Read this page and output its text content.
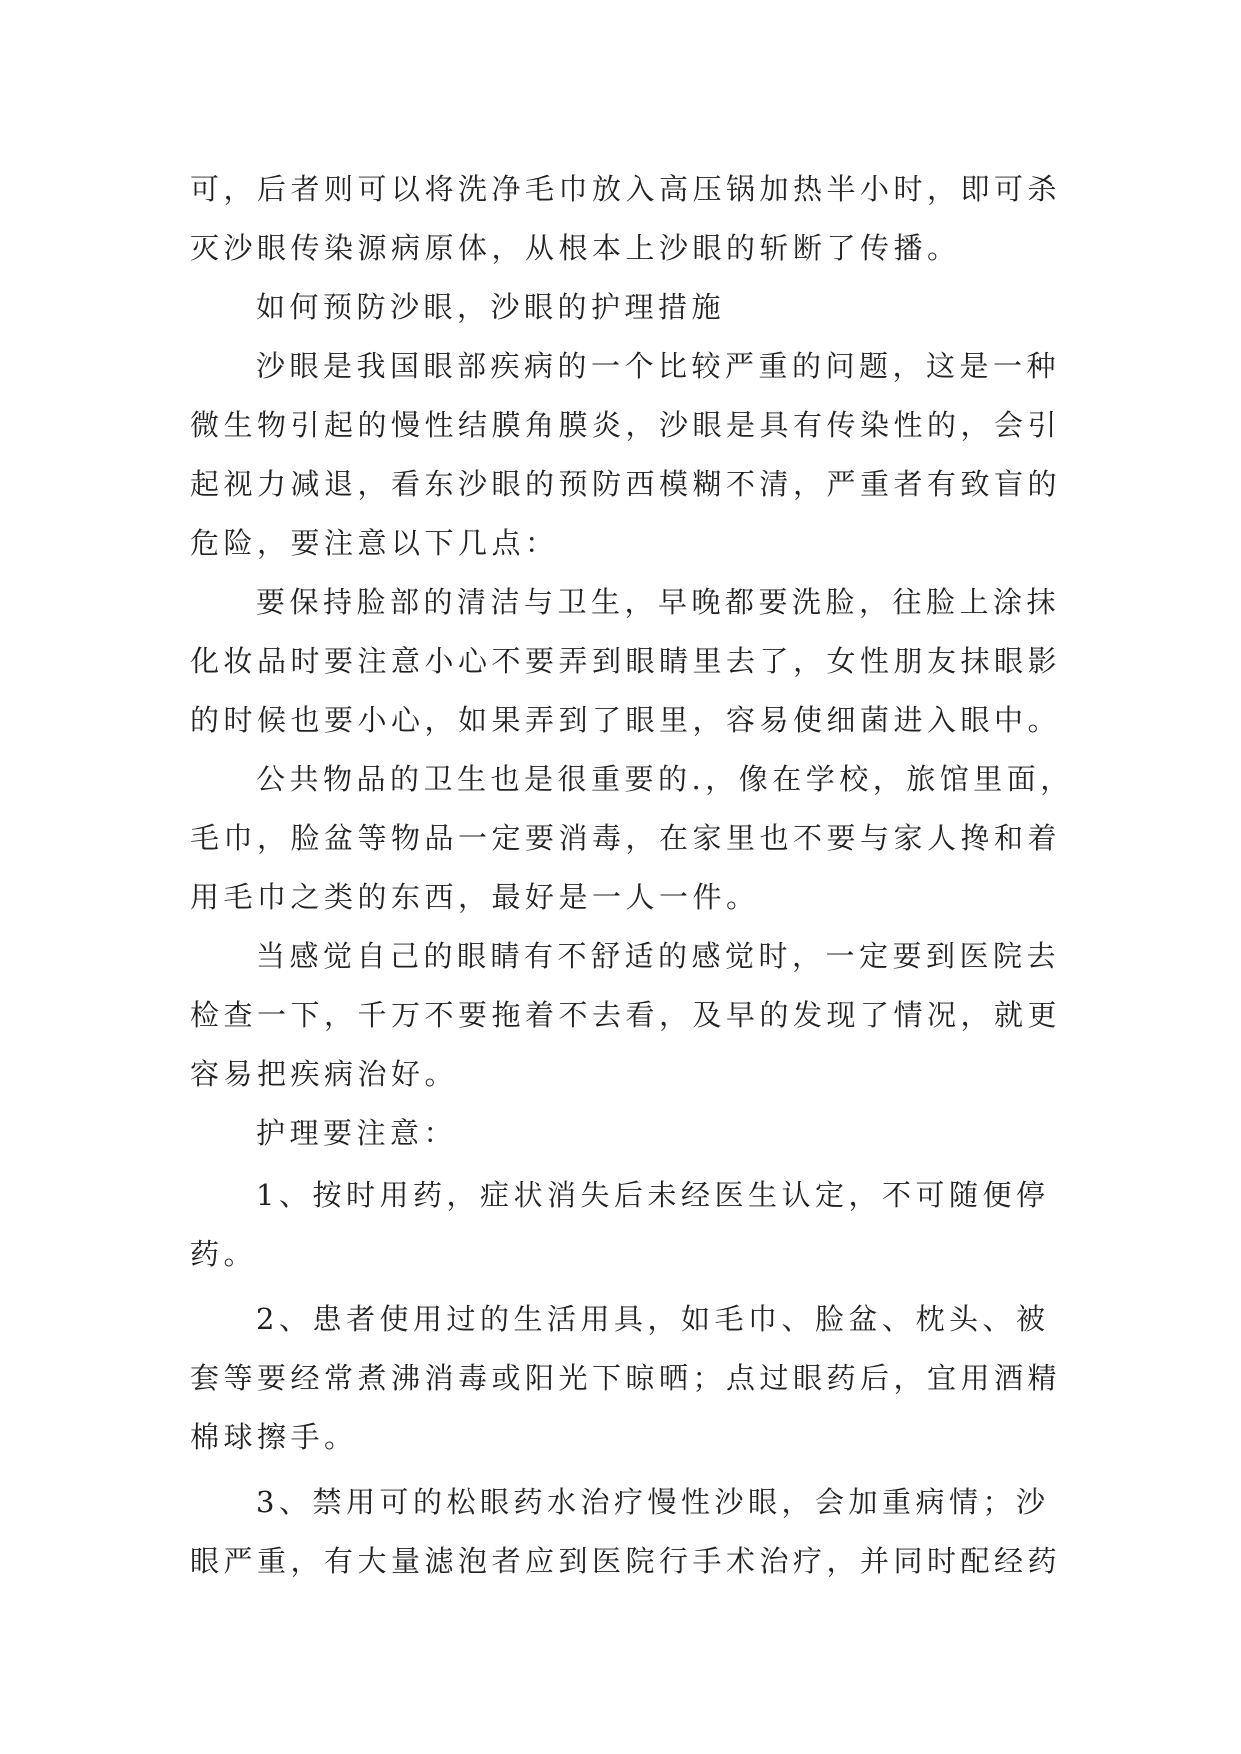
可，后者则可以将洗净毛巾放入高压锅加热半小时，即可杀
灭沙眼传染源病原体，从根本上沙眼的斩断了传播。
如何预防沙眼，沙眼的护理措施
沙眼是我国眼部疾病的一个比较严重的问题，这是一种
微生物引起的慢性结膜角膜炎，沙眼是具有传染性的，会引
起视力减退，看东沙眼的预防西模糊不清，严重者有致盲的
危险，要注意以下几点：
要保持脸部的清洁与卫生，早晚都要洗脸，往脸上涂抹
化妆品时要注意小心不要弄到眼睛里去了，女性朋友抹眼影
的时候也要小心，如果弄到了眼里，容易使细菌进入眼中。
公共物品的卫生也是很重要的.，像在学校，旅馆里面，
毛巾，脸盆等物品一定要消毒，在家里也不要与家人搀和着
用毛巾之类的东西，最好是一人一件。
当感觉自己的眼睛有不舒适的感觉时，一定要到医院去
检查一下，千万不要拖着不去看，及早的发现了情况，就更
容易把疾病治好。
护理要注意：
1、按时用药，症状消失后未经医生认定，不可随便停
药。
2、患者使用过的生活用具，如毛巾、脸盆、枕头、被
套等要经常煮沸消毒或阳光下晾晒；点过眼药后，宜用酒精
棉球擦手。
3、禁用可的松眼药水治疗慢性沙眼，会加重病情；沙
眼严重，有大量滤泡者应到医院行手术治疗，并同时配经药
